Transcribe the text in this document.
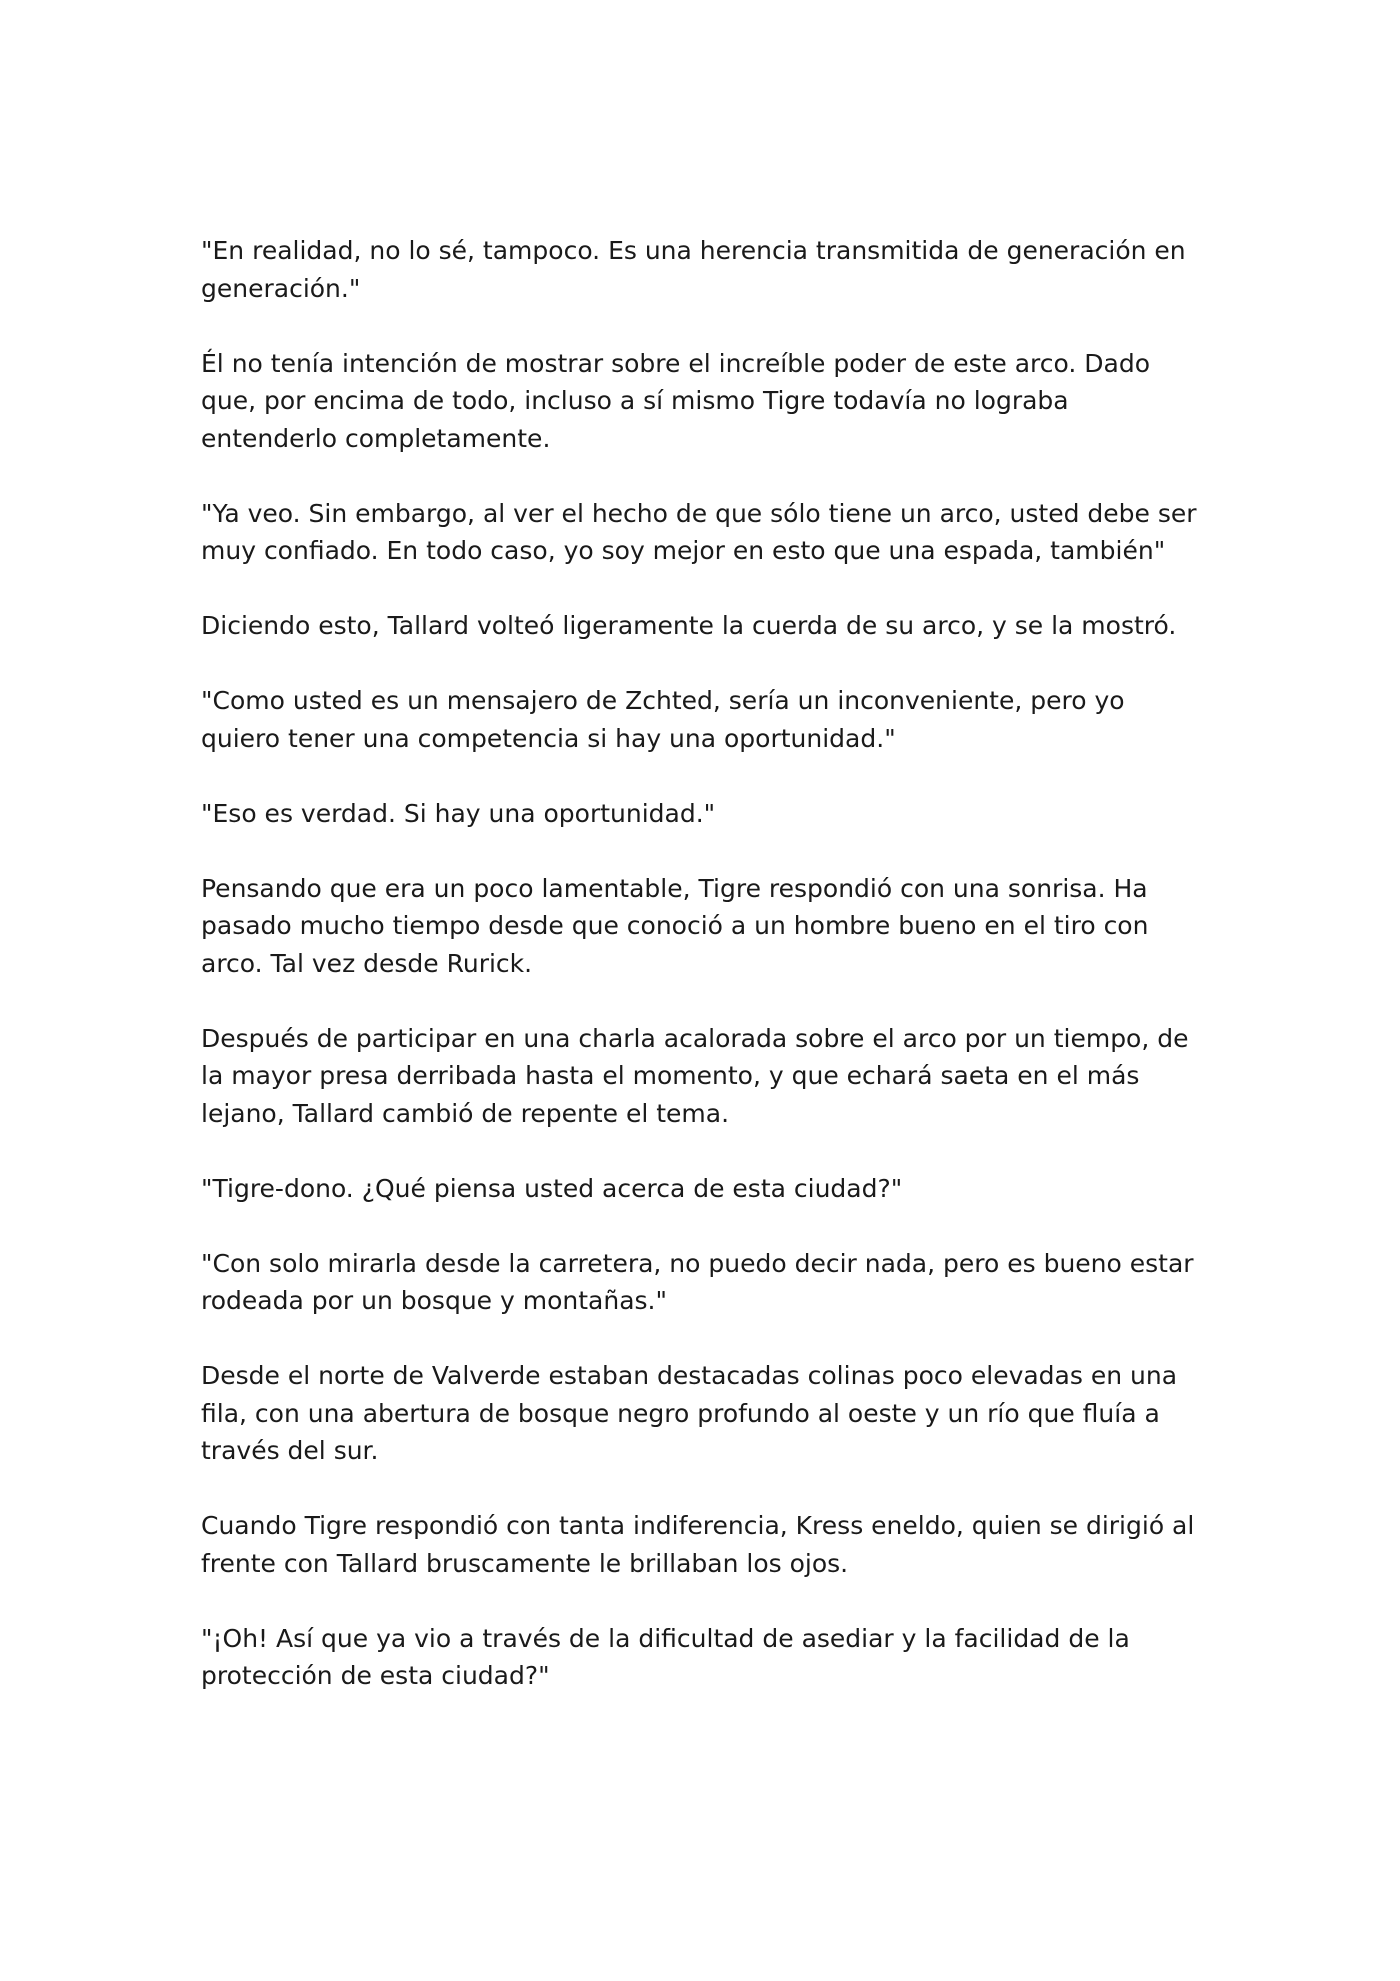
"En realidad, no lo sé, tampoco. Es una herencia transmitida de generación en generación."

Él no tenía intención de mostrar sobre el increíble poder de este arco. Dado que, por encima de todo, incluso a sí mismo Tigre todavía no lograba entenderlo completamente.

"Ya veo. Sin embargo, al ver el hecho de que sólo tiene un arco, usted debe ser muy confiado. En todo caso, yo soy mejor en esto que una espada, también"

Diciendo esto, Tallard volteó ligeramente la cuerda de su arco, y se la mostró.

"Como usted es un mensajero de Zchted, sería un inconveniente, pero yo quiero tener una competencia si hay una oportunidad."

"Eso es verdad. Si hay una oportunidad."

Pensando que era un poco lamentable, Tigre respondió con una sonrisa. Ha pasado mucho tiempo desde que conoció a un hombre bueno en el tiro con arco. Tal vez desde Rurick.

Después de participar en una charla acalorada sobre el arco por un tiempo, de la mayor presa derribada hasta el momento, y que echará saeta en el más lejano, Tallard cambió de repente el tema.

"Tigre-dono. ¿Qué piensa usted acerca de esta ciudad?"

"Con solo mirarla desde la carretera, no puedo decir nada, pero es bueno estar rodeada por un bosque y montañas."

Desde el norte de Valverde estaban destacadas colinas poco elevadas en una fila, con una abertura de bosque negro profundo al oeste y un río que fluía a través del sur.

Cuando Tigre respondió con tanta indiferencia, Kress eneldo, quien se dirigió al frente con Tallard bruscamente le brillaban los ojos.

"¡Oh! Así que ya vio a través de la dificultad de asediar y la facilidad de la protección de esta ciudad?"
